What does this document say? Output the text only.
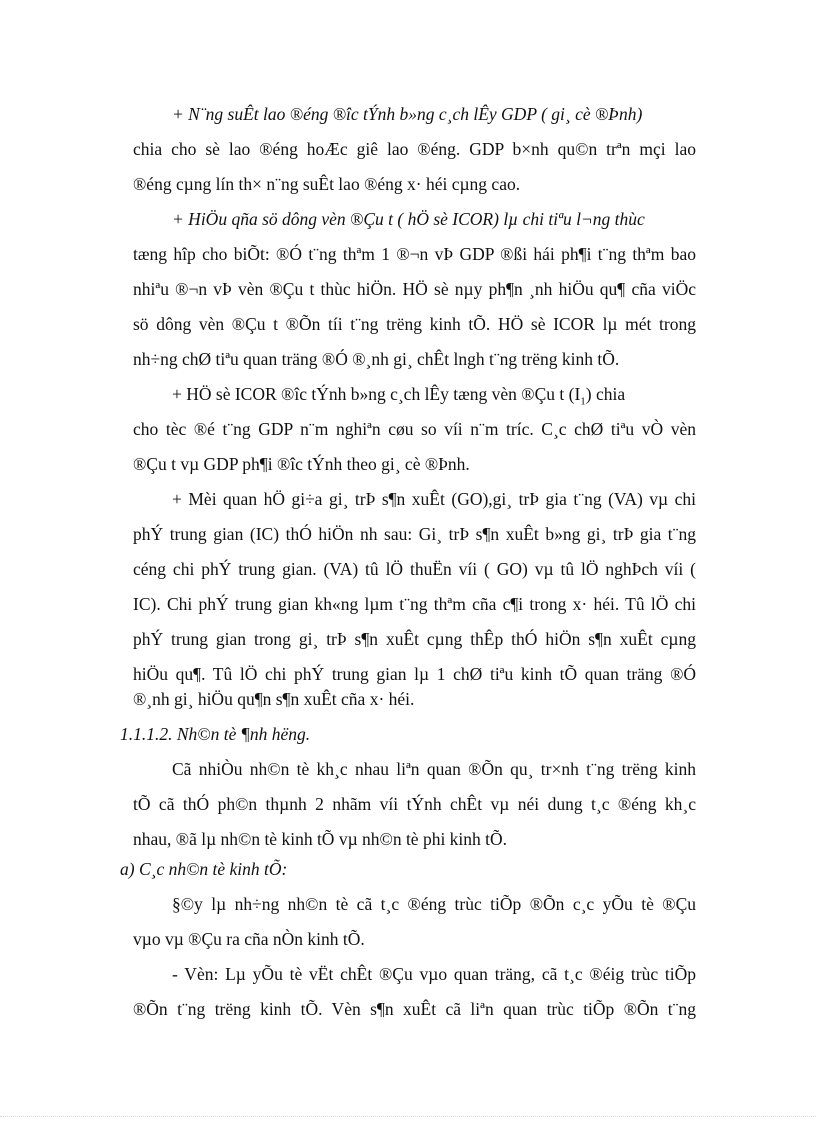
+ N¨ng suÊt lao ®éng ®îc tÝnh b»ng c¸ch lÊy GDP ( gi¸ cè ®Þnh)
chia cho sè lao ®éng hoÆc giê lao ®éng. GDP b×nh qu©n trªn mçi lao
®éng cµng lín th× n¨ng suÊt lao ®éng x· héi cµng cao.
+ HiÖu qña sö dông vèn ®Çu t ( hÖ sè ICOR) lµ chi tiªu l¬ng thùc
tæng hîp cho biÕt: ®Ó t¨ng thªm 1 ®¬n vÞ GDP ®ßi hái ph¶i t¨ng thªm bao
nhiªu ®¬n vÞ vèn ®Çu t thùc hiÖn. HÖ sè nµy ph¶n ¸nh hiÖu qu¶ cña viÖc
sö dông vèn ®Çu t ®Õn tíi t¨ng trëng kinh tÕ. HÖ sè ICOR lµ mét trong
nh÷ng chØ tiªu quan träng ®Ó ®¸nh gi¸ chÊt lngh t¨ng trëng kinh tÕ.
+ HÖ sè ICOR ®îc tÝnh b»ng c¸ch lÊy tæng vèn ®Çu t $(I_1)$ chia
cho tèc ®é t¨ng GDP n¨m nghiªn cøu so víi n¨m tríc. C¸c chØ tiªu vÒ vèn
®Çu t vµ GDP ph¶i ®îc tÝnh theo gi¸ cè ®Þnh.
+ Mèi quan hÖ gi÷a gi¸ trÞ s¶n xuÊt (GO),gi¸ trÞ gia t¨ng (VA) vµ chi
phÝ trung gian (IC) thÓ hiÖn nh sau: Gi¸ trÞ s¶n xuÊt b»ng gi¸ trÞ gia t¨ng
céng chi phÝ trung gian. (VA) tû lÖ thuËn víi ( GO) vµ tû lÖ nghÞch víi (
IC). Chi phÝ trung gian kh«ng lµm t¨ng thªm cña c¶i trong x· héi. Tû lÖ chi
phÝ trung gian trong gi¸ trÞ s¶n xuÊt cµng thÊp thÓ hiÖn s¶n xuÊt cµng
hiÖu qu¶. Tû lÖ chi phÝ trung gian lµ 1 chØ tiªu kinh tÕ quan träng ®Ó
®¸nh gi¸ hiÖu qu¶n s¶n xuÊt cña x· héi.
1.1.1.2. Nh©n tè ¶nh hëng.
Cã nhiÒu nh©n tè kh¸c nhau liªn quan ®Õn qu¸ tr×nh t¨ng trëng kinh
tÕ cã thÓ ph©n thµnh 2 nhãm víi tÝnh chÊt vµ néi dung t¸c ®éng kh¸c
nhau, ®ã lµ nh©n tè kinh tÕ vµ nh©n tè phi kinh tÕ.
a) C¸c nh©n tè kinh tÕ:
§©y lµ nh÷ng nh©n tè cã t¸c ®éng trùc tiÕp ®Õn c¸c yÕu tè ®Çu
vµo vµ ®Çu ra cña nÒn kinh tÕ.
- Vèn: Lµ yÕu tè vËt chÊt ®Çu vµo quan träng, cã t¸c ®éig trùc tiÕp
®Õn t¨ng trëng kinh tÕ. Vèn s¶n xuÊt cã liªn quan trùc tiÕp ®Õn t¨ng
